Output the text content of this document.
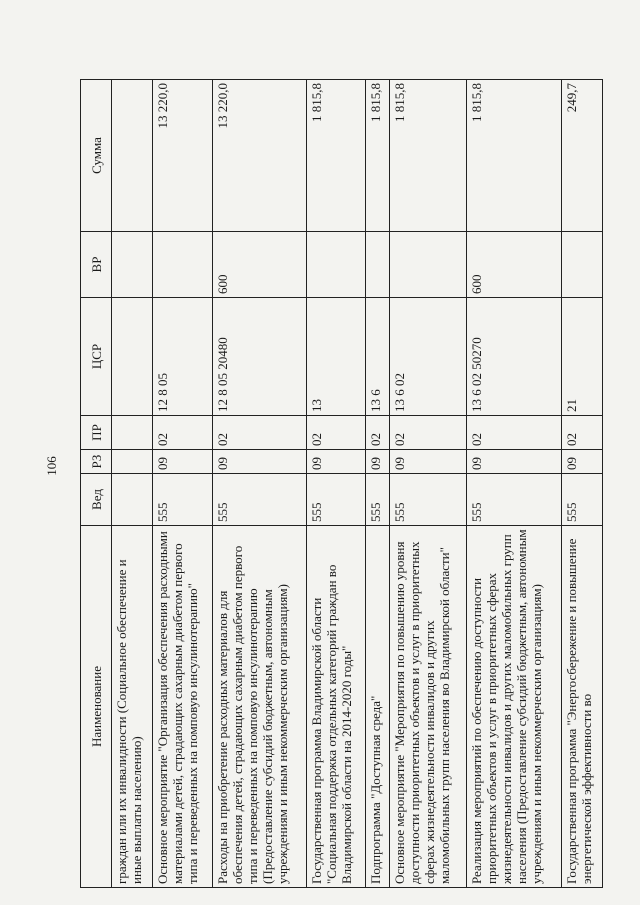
106
Наименование	Вед	РЗ	ПР	ЦСР	ВР	Сумма
граждан или их инвалидности (Социальное обеспечение и иные выплаты населению)						
Основное мероприятие "Организация обеспечения расходными материалами детей, страдающих сахарным диабетом первого типа и переведенных на помповую инсулинотерапию"	555	09	02	12 8 05		13 220,0
Расходы на приобретение расходных материалов для обеспечения детей, страдающих сахарным диабетом первого типа и переведенных на помповую инсулинотерапию (Предоставление субсидий бюджетным, автономным учреждениям и иным некоммерческим организациям)	555	09	02	12 8 05 20480	600	13 220,0
Государственная программа Владимирской области "Социальная поддержка отдельных категорий граждан во Владимирской области на 2014-2020 годы"	555	09	02	13		1 815,8
Подпрограмма "Доступная среда"	555	09	02	13 6		1 815,8
Основное мероприятие "Мероприятия по повышению уровня доступности приоритетных объектов и услуг в приоритетных сферах жизнедеятельности инвалидов и других маломобильных групп населения во Владимирской области"	555	09	02	13 6 02		1 815,8
Реализация мероприятий по обеспечению доступности приоритетных объектов и услуг в приоритетных сферах жизнедеятельности инвалидов и других маломобильных групп населения (Предоставление субсидий бюджетным, автономным учреждениям и иным некоммерческим организациям)	555	09	02	13 6 02 50270	600	1 815,8
Государственная программа "Энергосбережение и повышение энергетической эффективности во	555	09	02	21		249,7
